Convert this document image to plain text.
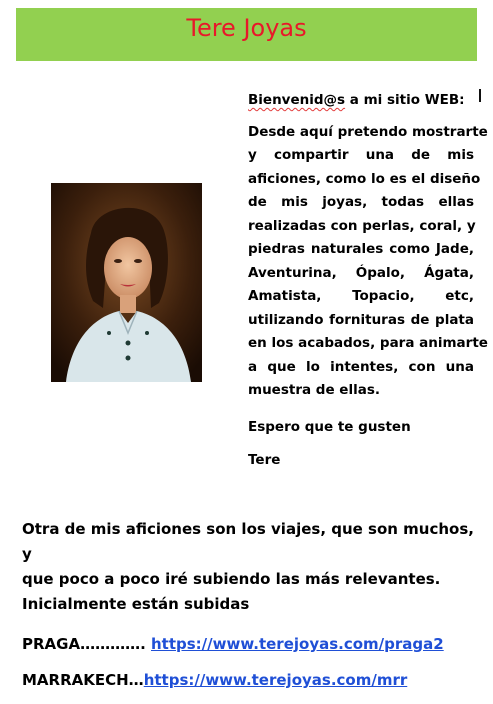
Tere Joyas

Bienvenid@s a mi sitio WEB:

Desde aquí pretendo mostrarte
y compartir una de mis
aficiones, como lo es el diseño
de mis joyas, todas ellas
realizadas con perlas, coral, y
piedras naturales como Jade,
Aventurina, Ópalo, Ágata,
Amatista, Topacio, etc,
utilizando fornituras de plata
en los acabados, para animarte
a que lo intentes, con una
muestra de ellas.

Espero que te gusten

Tere

Otra de mis aficiones son los viajes, que son muchos, y
que poco a poco iré subiendo las más relevantes.
Inicialmente están subidas

PRAGA…………. https://www.terejoyas.com/praga2
MARRAKECH…https://www.terejoyas.com/mrr
